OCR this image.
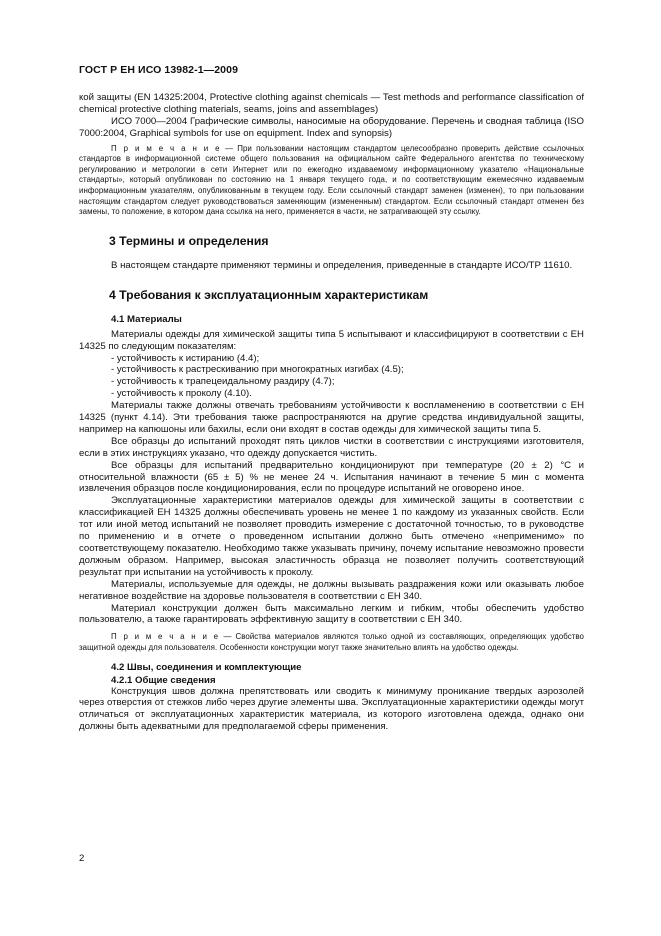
ГОСТ Р ЕН ИСО 13982-1—2009

кой защиты (EN 14325:2004, Protective clothing against chemicals — Test methods and performance classification of chemical protective clothing materials, seams, joins and assemblages)

ИСО 7000—2004 Графические символы, наносимые на оборудование. Перечень и сводная таблица (ISO 7000:2004, Graphical symbols for use on equipment. Index and synopsis)

П р и м е ч а н и е — При пользовании настоящим стандартом целесообразно проверить действие ссылочных стандартов в информационной системе общего пользования на официальном сайте Федерального агентства по техническому регулированию и метрологии в сети Интернет или по ежегодно издаваемому информационному указателю «Национальные стандарты», который опубликован по состоянию на 1 января текущего года, и по соответствующим ежемесячно издаваемым информационным указателям, опубликованным в текущем году. Если ссылочный стандарт заменен (изменен), то при пользовании настоящим стандартом следует руководствоваться заменяющим (измененным) стандартом. Если ссылочный стандарт отменен без замены, то положение, в котором дана ссылка на него, применяется в части, не затрагивающей эту ссылку.

3 Термины и определения

В настоящем стандарте применяют термины и определения, приведенные в стандарте ИСО/ТР 11610.

4 Требования к эксплуатационным характеристикам
4.1 Материалы

Материалы одежды для химической защиты типа 5 испытывают и классифицируют в соответствии с ЕН 14325 по следующим показателям:

- устойчивость к истиранию (4.4);

- устойчивость к растрескиванию при многократных изгибах (4.5);

- устойчивость к трапецеидальному раздиру (4.7);

- устойчивость к проколу (4.10).

Материалы также должны отвечать требованиям устойчивости к воспламенению в соответствии с ЕН 14325 (пункт 4.14). Эти требования также распространяются на другие средства индивидуальной защиты, например на капюшоны или бахилы, если они входят в состав одежды для химической защиты типа 5.

Все образцы до испытаний проходят пять циклов чистки в соответствии с инструкциями изготовителя, если в этих инструкциях указано, что одежду допускается чистить.

Все образцы для испытаний предварительно кондиционируют при температуре (20 ± 2) °С и относительной влажности (65 ± 5) % не менее 24 ч. Испытания начинают в течение 5 мин с момента извлечения образцов после кондиционирования, если по процедуре испытаний не оговорено иное.

Эксплуатационные характеристики материалов одежды для химической защиты в соответствии с классификацией ЕН 14325 должны обеспечивать уровень не менее 1 по каждому из указанных свойств. Если тот или иной метод испытаний не позволяет проводить измерение с достаточной точностью, то в руководстве по применению и в отчете о проведенном испытании должно быть отмечено «неприменимо» по соответствующему показателю. Необходимо также указывать причину, почему испытание невозможно провести должным образом. Например, высокая эластичность образца не позволяет получить соответствующий результат при испытании на устойчивость к проколу.

Материалы, используемые для одежды, не должны вызывать раздражения кожи или оказывать любое негативное воздействие на здоровье пользователя в соответствии с ЕН 340.

Материал конструкции должен быть максимально легким и гибким, чтобы обеспечить удобство пользователю, а также гарантировать эффективную защиту в соответствии с ЕН 340.

П р и м е ч а н и е — Свойства материалов являются только одной из составляющих, определяющих удобство защитной одежды для пользователя. Особенности конструкции могут также значительно влиять на удобство одежды.

4.2 Швы, соединения и комплектующие
4.2.1 Общие сведения

Конструкция швов должна препятствовать или сводить к минимуму проникание твердых аэрозолей через отверстия от стежков либо через другие элементы шва. Эксплуатационные характеристики одежды могут отличаться от эксплуатационных характеристик материала, из которого изготовлена одежда, однако они должны быть адекватными для предполагаемой сферы применения.

2
